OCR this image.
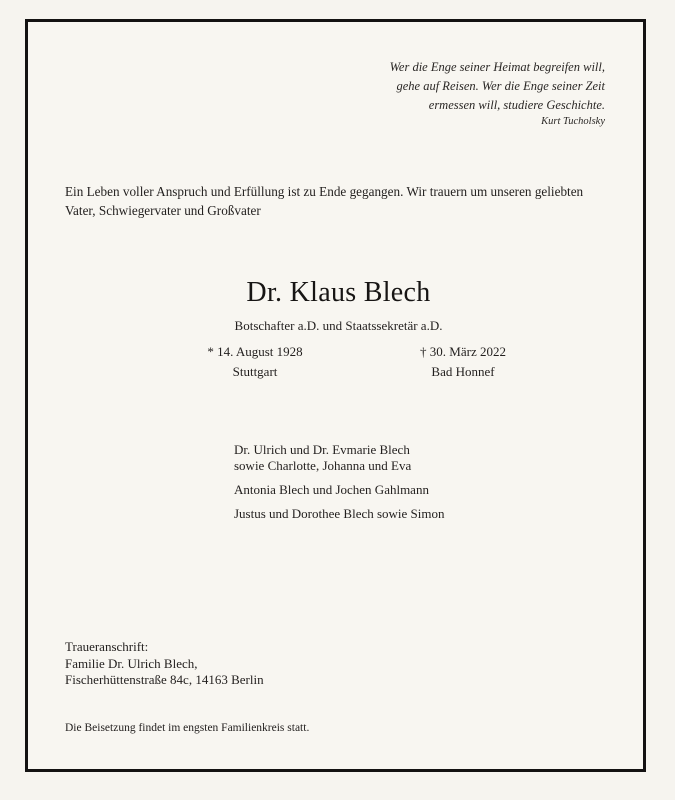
Wer die Enge seiner Heimat begreifen will,
gehe auf Reisen. Wer die Enge seiner Zeit
ermessen will, studiere Geschichte.
Kurt Tucholsky
Ein Leben voller Anspruch und Erfüllung ist zu Ende gegangen. Wir trauern um unseren geliebten
Vater, Schwiegervater und Großvater
Dr. Klaus Blech
Botschafter a.D. und Staatssekretär a.D.
* 14. August 1928
Stuttgart
† 30. März 2022
Bad Honnef
Dr. Ulrich und Dr. Evmarie Blech
sowie Charlotte, Johanna und Eva
Antonia Blech und Jochen Gahlmann
Justus und Dorothee Blech sowie Simon
Traueranschrift:
Familie Dr. Ulrich Blech,
Fischerhüttenstraße 84c, 14163 Berlin
Die Beisetzung findet im engsten Familienkreis statt.
